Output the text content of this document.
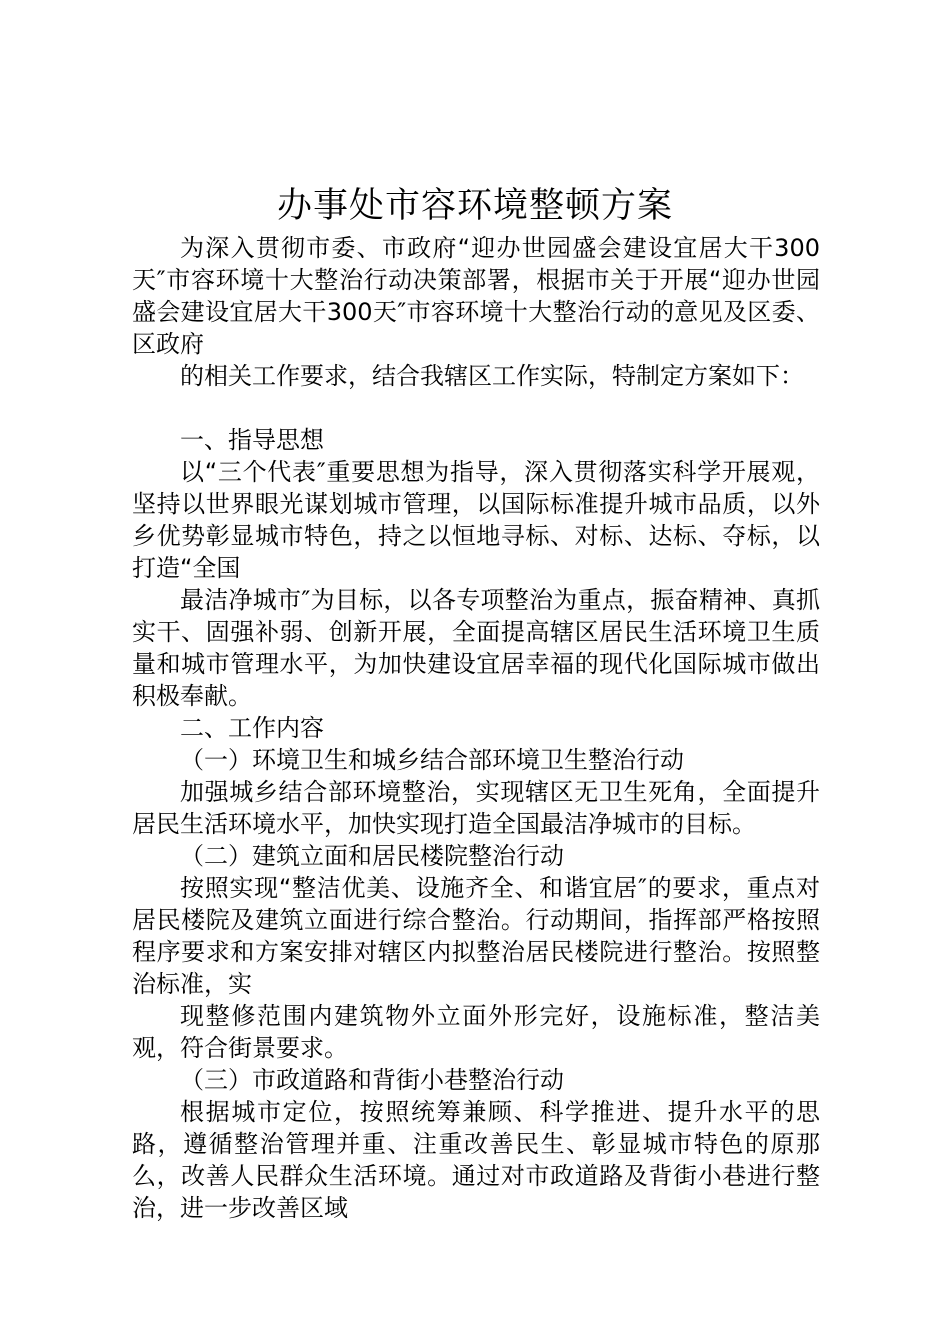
办事处市容环境整顿方案

为深入贯彻市委、市政府“迎办世园盛会建设宜居大干300天″市容环境十大整治行动决策部署，根据市关于开展“迎办世园盛会建设宜居大干300天″市容环境十大整治行动的意见及区委、区政府

的相关工作要求，结合我辖区工作实际，特制定方案如下：

一、指导思想

以“三个代表″重要思想为指导，深入贯彻落实科学开展观，坚持以世界眼光谋划城市管理，以国际标准提升城市品质，以外乡优势彰显城市特色，持之以恒地寻标、对标、达标、夺标，以打造“全国

最洁净城市″为目标，以各专项整治为重点，振奋精神、真抓实干、固强补弱、创新开展，全面提高辖区居民生活环境卫生质量和城市管理水平，为加快建设宜居幸福的现代化国际城市做出积极奉献。

二、工作内容

（一）环境卫生和城乡结合部环境卫生整治行动

加强城乡结合部环境整治，实现辖区无卫生死角，全面提升居民生活环境水平，加快实现打造全国最洁净城市的目标。

（二）建筑立面和居民楼院整治行动

按照实现“整洁优美、设施齐全、和谐宜居″的要求，重点对居民楼院及建筑立面进行综合整治。行动期间，指挥部严格按照程序要求和方案安排对辖区内拟整治居民楼院进行整治。按照整治标准，实

现整修范围内建筑物外立面外形完好，设施标准，整洁美观，符合街景要求。

（三）市政道路和背街小巷整治行动

根据城市定位，按照统筹兼顾、科学推进、提升水平的思路，遵循整治管理并重、注重改善民生、彰显城市特色的原那么，改善人民群众生活环境。通过对市政道路及背街小巷进行整治，进一步改善区域
